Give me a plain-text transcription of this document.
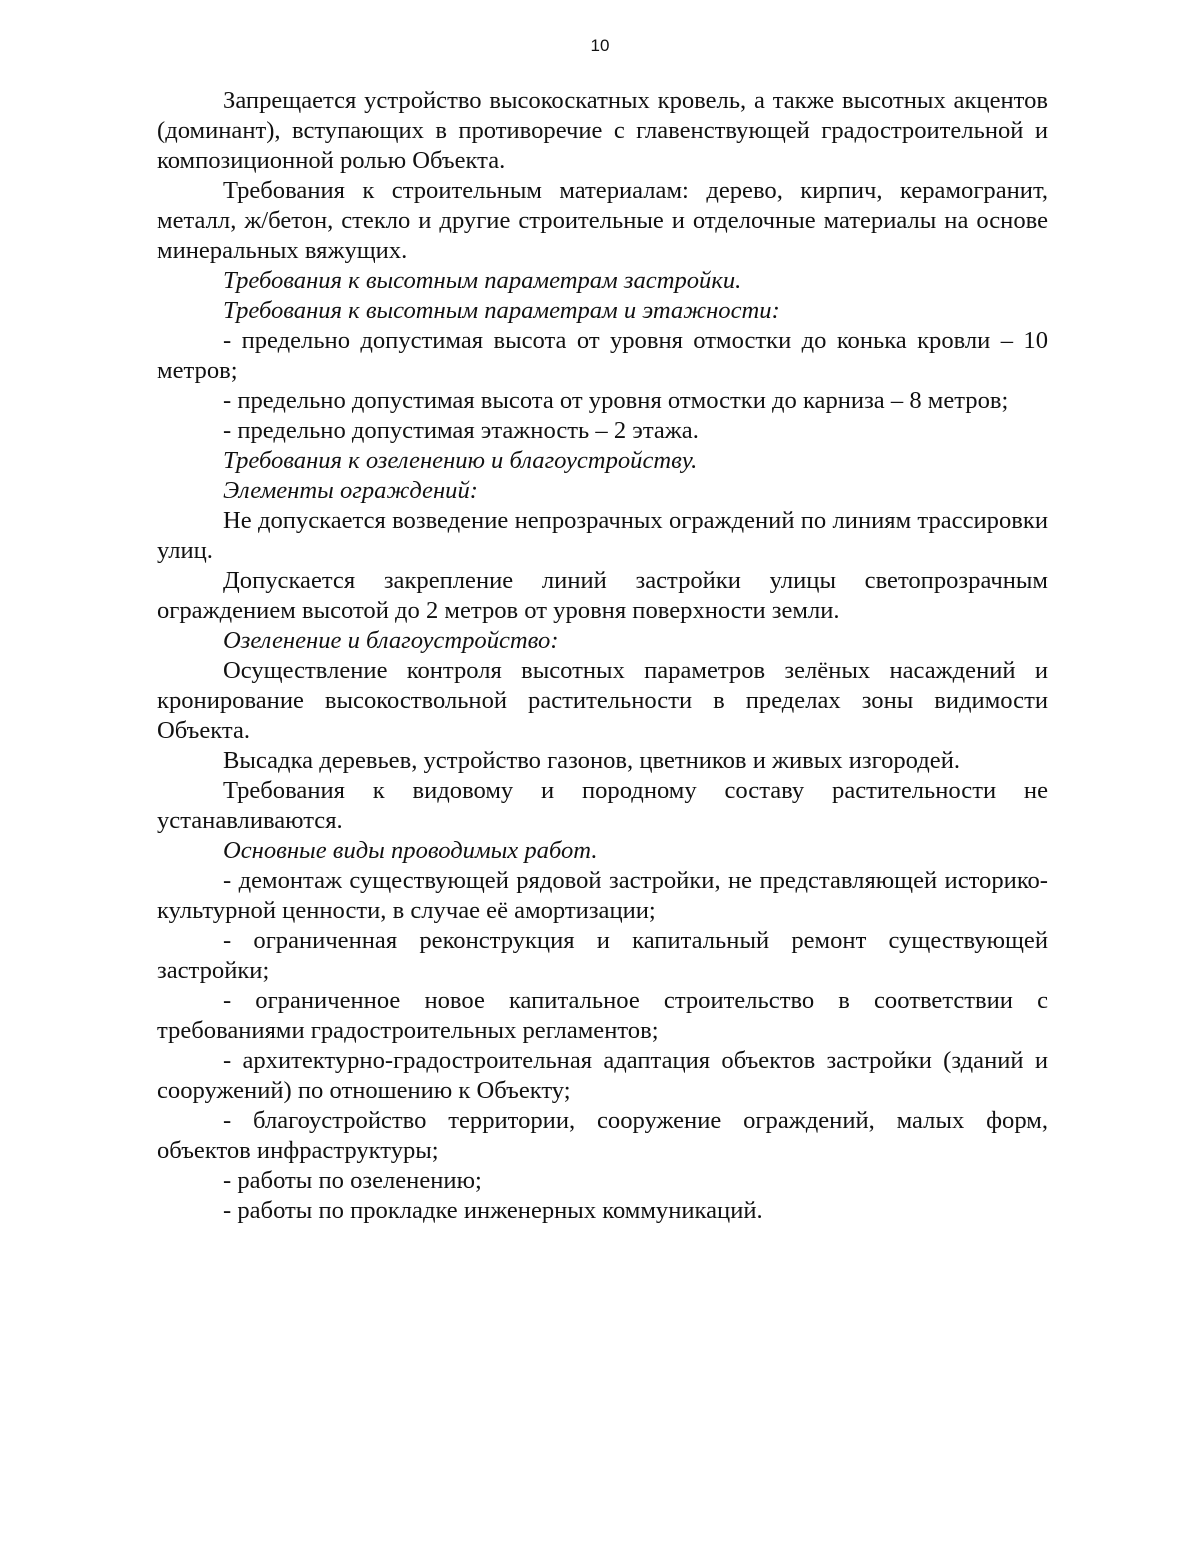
10

Запрещается устройство высокоскатных кровель, а также высотных акцентов (доминант), вступающих в противоречие с главенствующей градостроительной и композиционной ролью Объекта.

Требования к строительным материалам: дерево, кирпич, керамогранит, металл, ж/бетон, стекло и другие строительные и отделочные материалы на основе минеральных вяжущих.

Требования к высотным параметрам застройки.

Требования к высотным параметрам и этажности:

- предельно допустимая высота от уровня отмостки до конька кровли – 10 метров;

- предельно допустимая высота от уровня отмостки до карниза – 8 метров;

- предельно допустимая этажность – 2 этажа.

Требования к озеленению и благоустройству.

Элементы ограждений:

Не допускается возведение непрозрачных ограждений по линиям трассировки улиц.

Допускается закрепление линий застройки улицы светопрозрачным ограждением высотой до 2 метров от уровня поверхности земли.

Озеленение и благоустройство:

Осуществление контроля высотных параметров зелёных насаждений и кронирование высокоствольной растительности в пределах зоны видимости Объекта.

Высадка деревьев, устройство газонов, цветников и живых изгородей.

Требования к видовому и породному составу растительности не устанавливаются.

Основные виды проводимых работ.

- демонтаж существующей рядовой застройки, не представляющей историко-культурной ценности, в случае её амортизации;

- ограниченная реконструкция и капитальный ремонт существующей застройки;

- ограниченное новое капитальное строительство в соответствии с требованиями градостроительных регламентов;

- архитектурно-градостроительная адаптация объектов застройки (зданий и сооружений) по отношению к Объекту;

- благоустройство территории, сооружение ограждений, малых форм, объектов инфраструктуры;

- работы по озеленению;

- работы по прокладке инженерных коммуникаций.
